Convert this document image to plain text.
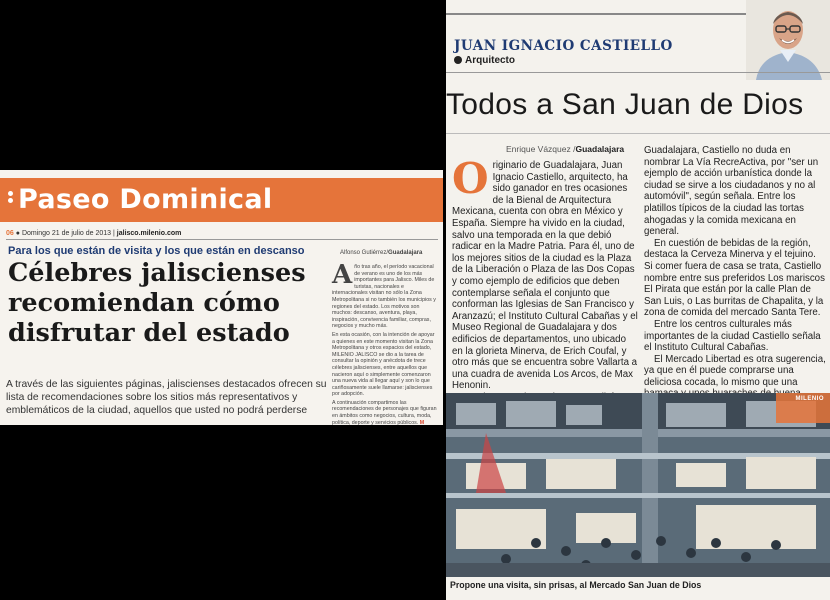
Paseo Dominical
06 ● Domingo 21 de julio de 2013 | jalisco.milenio.com
Para los que están de visita y los que están en descanso
Célebres jaliscienses recomiendan cómo disfrutar del estado

A través de las siguientes páginas, jaliscienses destacados ofrecen su lista de recomendaciones sobre los sitios más representativos y emblemáticos de la ciudad, aquellos que usted no podrá perderse

Alfonso Gutiérrez/Guadalajara
A ño tras año, el período vacacional de verano es uno de los más importantes para Jalisco. Miles de turistas, nacionales e internacionales visitan no sólo la Zona Metropolitana si no también los municipios y regiones del estado. Los motivos son muchos: descanso, aventura, playa, inspiración, convivencia familiar, compras, negocios y mucho más.

En esta ocasión, con la intención de apoyar a quienes en este momento visitan la Zona Metropolitana y otros espacios del estado, MILENIO JALISCO se dio a la tarea de consultar la opinión y anécdota de trece célebres jaliscienses, entre aquellos que nacieron aquí o simplemente comenzaron una nueva vida al llegar aquí y son lo que cariñosamente suele llamarse: jaliscienses por adopción.

A continuación compartimos las recomendaciones de personajes que figuran en ámbitos como negocios, cultura, moda, política, deporte y servicios públicos. M

JUAN IGNACIO CASTIELLO
Arquitecto
Todos a San Juan de Dios
Enrique Vázquez /Guadalajara

Originario de Guadalajara, Juan Ignacio Castiello, arquitecto, ha sido ganador en tres ocasiones de la Bienal de Arquitectura Mexicana, cuenta con obra en México y España. Siempre ha vivido en la ciudad, salvo una temporada en la que debió radicar en la Madre Patria. Para él, uno de los mejores sitios de la ciudad es la Plaza de la Liberación o Plaza de las Dos Copas y como ejemplo de edificios que deben contemplarse señala el conjunto que conforman las Iglesias de San Francisco y Aranzazú; el Instituto Cultural Cabañas y el Museo Regional de Guadalajara y dos edificios de departamentos, uno ubicado en la glorieta Minerva, de Erich Coufal, y otro más que se encuentra sobre Vallarta a una cuadra de avenida Los Arcos, de Max Henonin.

Guadalajara, Castiello no duda en nombrar La Vía RecreActiva, por "ser un ejemplo de acción urbanística donde la ciudad se sirve a los ciudadanos y no al automóvil", según señala. Entre los platillos típicos de la ciudad las tortas ahogadas y la comida mexicana en general.

En cuestión de bebidas de la región, destaca la Cerveza Minerva y el tejuino. Si comer fuera de casa se trata, Castiello nombre entre sus preferidos Los mariscos El Pirata que están por la calle Plan de San Luis, o Las burritas de Chapalita, y la zona de comida del mercado Santa Tere.

Entre los centros culturales más importantes de la ciudad Castiello señala el Instituto Cultural Cabañas.

El Mercado Libertad es otra sugerencia, ya que en él puede comprarse una deliciosa cocada, lo mismo que una

MILENIO
Propone una visita, sin prisas, al Mercado San Juan de Dios
